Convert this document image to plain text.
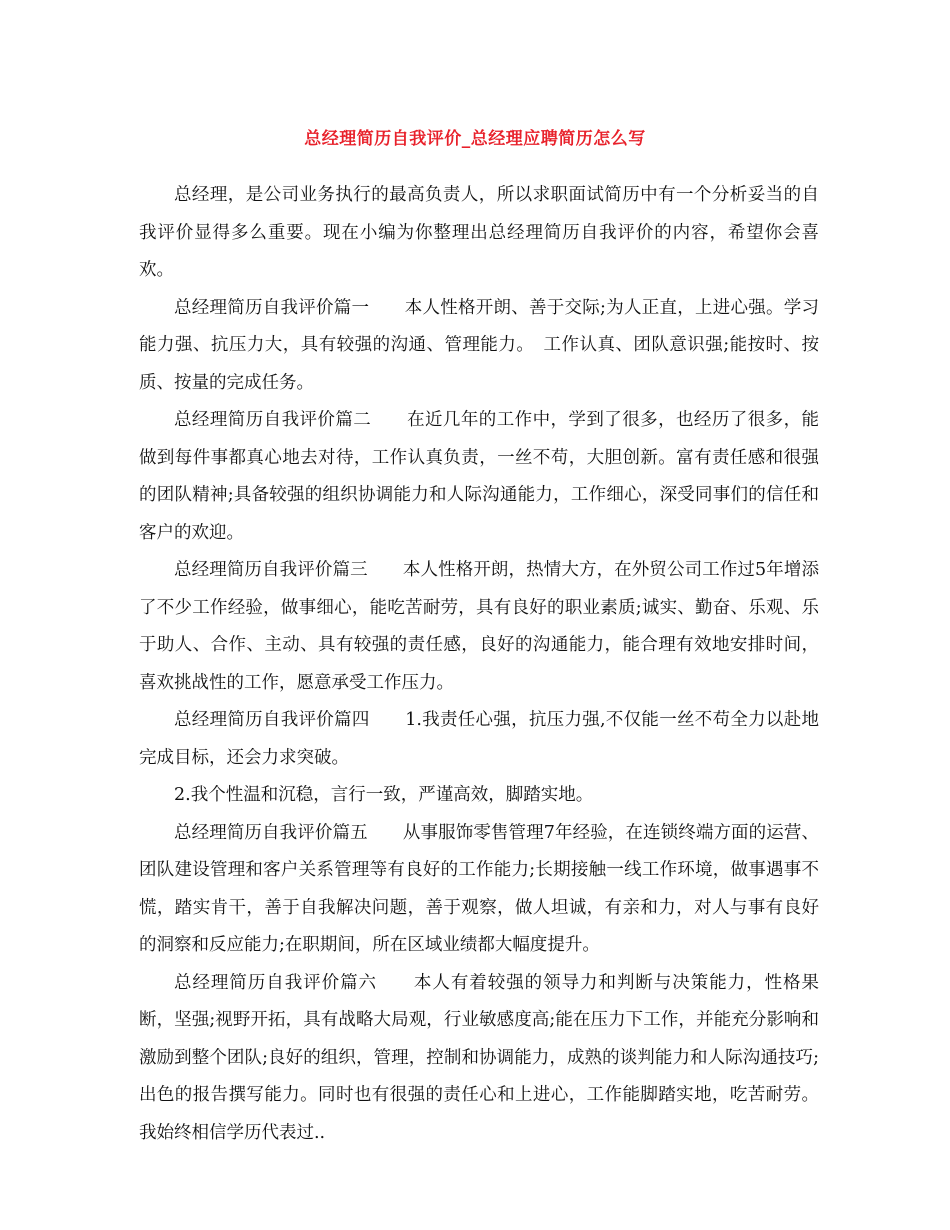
总经理简历自我评价_总经理应聘简历怎么写

总经理，是公司业务执行的最高负责人，所以求职面试简历中有一个分析妥当的自我评价显得多么重要。现在小编为你整理出总经理简历自我评价的内容，希望你会喜欢。

总经理简历自我评价篇一　　本人性格开朗、善于交际;为人正直，上进心强。学习能力强、抗压力大，具有较强的沟通、管理能力。　工作认真、团队意识强;能按时、按质、按量的完成任务。

总经理简历自我评价篇二　　在近几年的工作中，学到了很多，也经历了很多，能做到每件事都真心地去对待，工作认真负责，一丝不苟，大胆创新。富有责任感和很强的团队精神;具备较强的组织协调能力和人际沟通能力，工作细心，深受同事们的信任和客户的欢迎。

总经理简历自我评价篇三　　本人性格开朗，热情大方，在外贸公司工作过5年增添了不少工作经验，做事细心，能吃苦耐劳，具有良好的职业素质;诚实、勤奋、乐观、乐于助人、合作、主动、具有较强的责任感，良好的沟通能力，能合理有效地安排时间，喜欢挑战性的工作，愿意承受工作压力。

总经理简历自我评价篇四　　1.我责任心强，抗压力强,不仅能一丝不苟全力以赴地完成目标，还会力求突破。

2.我个性温和沉稳，言行一致，严谨高效，脚踏实地。

总经理简历自我评价篇五　　从事服饰零售管理7年经验，在连锁终端方面的运营、团队建设管理和客户关系管理等有良好的工作能力;长期接触一线工作环境，做事遇事不慌，踏实肯干，善于自我解决问题，善于观察，做人坦诚，有亲和力，对人与事有良好的洞察和反应能力;在职期间，所在区域业绩都大幅度提升。

总经理简历自我评价篇六　　本人有着较强的领导力和判断与决策能力，性格果断，坚强;视野开拓，具有战略大局观，行业敏感度高;能在压力下工作，并能充分影响和激励到整个团队;良好的组织，管理，控制和协调能力，成熟的谈判能力和人际沟通技巧;出色的报告撰写能力。同时也有很强的责任心和上进心，工作能脚踏实地，吃苦耐劳。我始终相信学历代表过..
